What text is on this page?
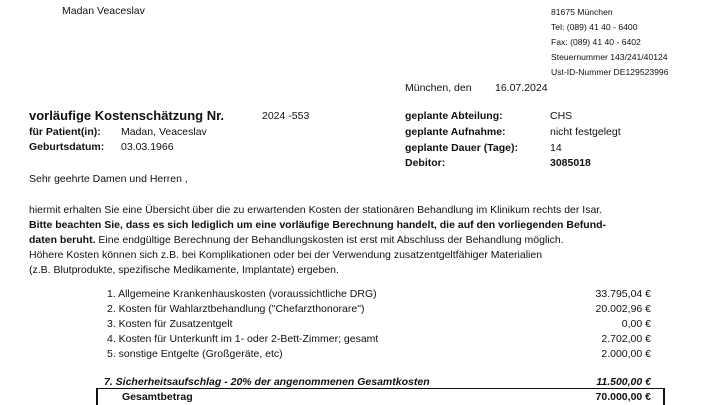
Madan Veaceslav	81675 München
Tel: (089) 41 40 - 6400
Fax: (089) 41 40 - 6402
Steuernummer 143/241/40124
Ust-ID-Nummer DE129523996
München, den 16.07.2024
vorläufige Kostenschätzung Nr.	2024 -553
für Patient(in): Madan, Veaceslav
Geburtsdatum: 03.03.1966
geplante Abteilung:	CHS
geplante Aufnahme:	nicht festgelegt
geplante Dauer (Tage):	14
Debitor:	3085018
Sehr geehrte Damen und Herren ,
hiermit erhalten Sie eine Übersicht über die zu erwartenden Kosten der stationären Behandlung im Klinikum rechts der Isar.
Bitte beachten Sie, dass es sich lediglich um eine vorläufige Berechnung handelt, die auf den vorliegenden Befund-
daten beruht. Eine endgültige Berechnung der Behandlungskosten ist erst mit Abschluss der Behandlung möglich.
Höhere Kosten können sich z.B. bei Komplikationen oder bei der Verwendung zusatzentgeltfähiger Materialien
(z.B. Blutprodukte, spezifische Medikamente, Implantate) ergeben.
1. Allgemeine Krankenhauskosten (voraussichtliche DRG)	33.795,04 €
2. Kosten für Wahlarztbehandlung ("Chefarzthonorare")	20.002,96 €
3. Kosten für Zusatzentgelt	0,00 €
4. Kosten für Unterkunft im 1- oder 2-Bett-Zimmer; gesamt	2.702,00 €
5. sonstige Entgelte (Großgeräte, etc)	2.000,00 €
7. Sicherheitsaufschlag - 20% der angenommenen Gesamtkosten	11.500,00 €
Gesamtbetrag	70.000,00 €
